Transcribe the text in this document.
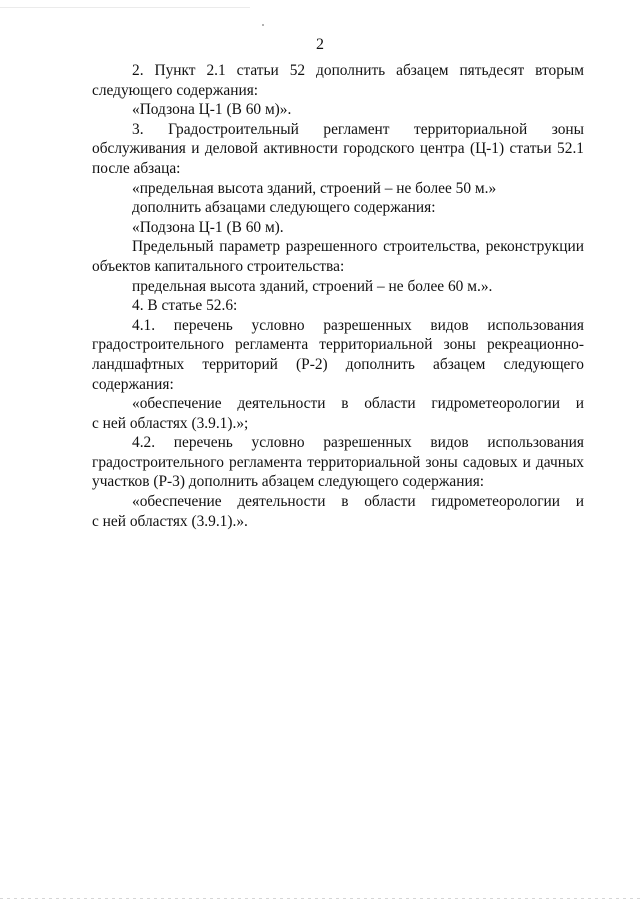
2
2. Пункт 2.1 статьи 52 дополнить абзацем пятьдесят вторым
следующего содержания:
«Подзона Ц-1 (В 60 м)».
3. Градостроительный регламент территориальной зоны
обслуживания и деловой активности городского центра (Ц-1) статьи 52.1
после абзаца:
«предельная высота зданий, строений – не более 50 м.»
дополнить абзацами следующего содержания:
«Подзона Ц-1 (В 60 м).
Предельный параметр разрешенного строительства, реконструкции
объектов капитального строительства:
предельная высота зданий, строений – не более 60 м.».
4. В статье 52.6:
4.1. перечень условно разрешенных видов использования
градостроительного регламента территориальной зоны рекреационно-
ландшафтных территорий (Р-2) дополнить абзацем следующего
содержания:
«обеспечение деятельности в области гидрометеорологии и
с ней областях (3.9.1).»;
4.2. перечень условно разрешенных видов использования
градостроительного регламента территориальной зоны садовых и дачных
участков (Р-3) дополнить абзацем следующего содержания:
«обеспечение деятельности в области гидрометеорологии и
с ней областях (3.9.1).».
